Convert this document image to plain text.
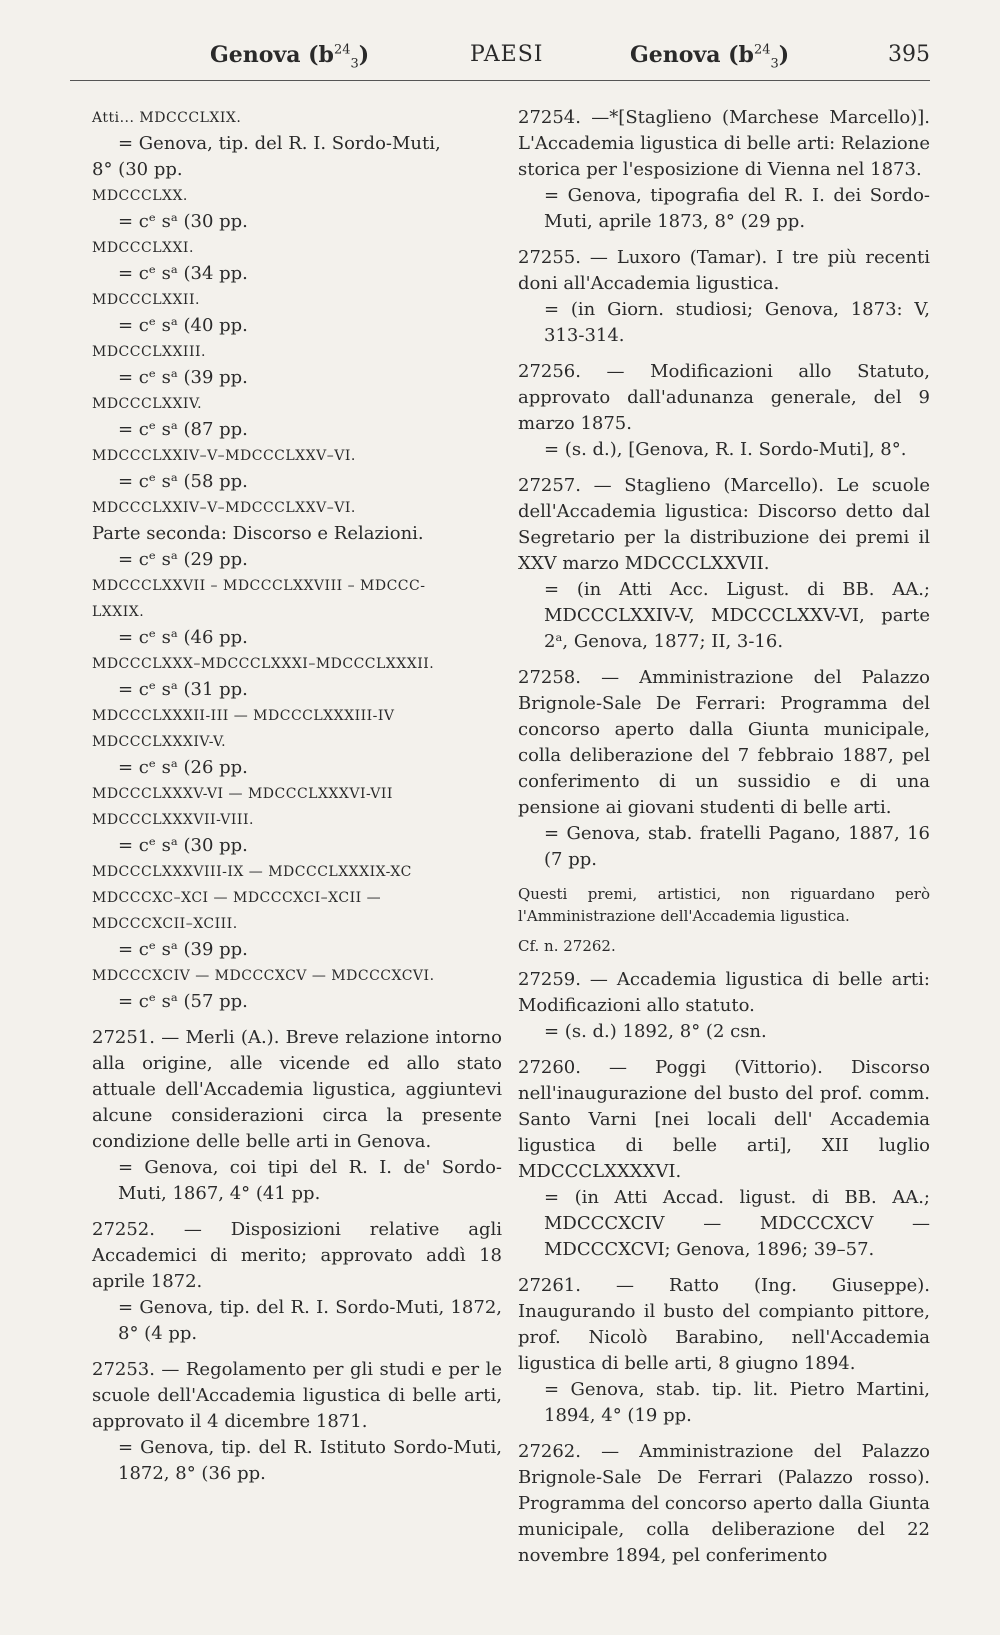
Genova $(b^{24}_3)$	PAESI	Genova $(b^{24}_3)$	395
Atti... MDCCCLXIX.
= Genova, tip. del R. I. Sordo-Muti,
8° (30 pp.
MDCCCLXX.
= cᵉ sᵃ (30 pp.
MDCCCLXXI.
= cᵉ sᵃ (34 pp.
MDCCCLXXII.
= cᵉ sᵃ (40 pp.
MDCCCLXXIII.
= cᵉ sᵃ (39 pp.
MDCCCLXXIV.
= cᵉ sᵃ (87 pp.
MDCCCLXXIV–V–MDCCCLXXV–VI.
= cᵉ sᵃ (58 pp.
MDCCCLXXIV–V–MDCCCLXXV–VI.
Parte seconda: Discorso e Relazioni.
= cᵉ sᵃ (29 pp.
MDCCCLXXVII – MDCCCLXXVIII – MDCCC-
LXXIX.
= cᵉ sᵃ (46 pp.
MDCCCLXXX–MDCCCLXXXI–MDCCCLXXXII.
= cᵉ sᵃ (31 pp.
MDCCCLXXXII-III — MDCCCLXXXIII-IV
MDCCCLXXXIV-V.
= cᵉ sᵃ (26 pp.
MDCCCLXXXV-VI — MDCCCLXXXVI-VII
MDCCCLXXXVII-VIII.
= cᵉ sᵃ (30 pp.
MDCCCLXXXVIII-IX — MDCCCLXXXIX-XC
MDCCCXC–XCI — MDCCCXCI–XCII —
MDCCCXCII–XCIII.
= cᵉ sᵃ (39 pp.
MDCCCXCIV — MDCCCXCV — MDCCCXCVI.
= cᵉ sᵃ (57 pp.

27251. — Merli (A.). Breve relazione intorno alla origine, alle vicende ed allo stato attuale dell'Accademia ligustica, aggiuntevi alcune considerazioni circa la presente condizione delle belle arti in Genova.

= Genova, coi tipi del R. I. de' Sordo-Muti, 1867, 4° (41 pp.

27252. — Disposizioni relative agli Accademici di merito; approvato addì 18 aprile 1872.

= Genova, tip. del R. I. Sordo-Muti, 1872, 8° (4 pp.

27253. — Regolamento per gli studi e per le scuole dell'Accademia ligustica di belle arti, approvato il 4 dicembre 1871.

= Genova, tip. del R. Istituto Sordo-Muti, 1872, 8° (36 pp.

27254. —*[Staglieno (Marchese Marcello)]. L'Accademia ligustica di belle arti: Relazione storica per l'esposizione di Vienna nel 1873.

= Genova, tipografia del R. I. dei Sordo-Muti, aprile 1873, 8° (29 pp.

27255. — Luxoro (Tamar). I tre più recenti doni all'Accademia ligustica.

= (in Giorn. studiosi; Genova, 1873: V, 313-314.

27256. — Modificazioni allo Statuto, approvato dall'adunanza generale, del 9 marzo 1875.

= (s. d.), [Genova, R. I. Sordo-Muti], 8°.

27257. — Staglieno (Marcello). Le scuole dell'Accademia ligustica: Discorso detto dal Segretario per la distribuzione dei premi il XXV marzo MDCCCLXXVII.

= (in Atti Acc. Ligust. di BB. AA.; MDCCCLXXIV-V, MDCCCLXXV-VI, parte 2ᵃ, Genova, 1877; II, 3-16.

27258. — Amministrazione del Palazzo Brignole-Sale De Ferrari: Programma del concorso aperto dalla Giunta municipale, colla deliberazione del 7 febbraio 1887, pel conferimento di un sussidio e di una pensione ai giovani studenti di belle arti.

= Genova, stab. fratelli Pagano, 1887, 16 (7 pp.

Questi premi, artistici, non riguardano però l'Amministrazione dell'Accademia ligustica.

Cf. n. 27262.

27259. — Accademia ligustica di belle arti: Modificazioni allo statuto.

= (s. d.) 1892, 8° (2 csn.

27260. — Poggi (Vittorio). Discorso nell'inaugurazione del busto del prof. comm. Santo Varni [nei locali dell' Accademia ligustica di belle arti], XII luglio MDCCCLXXXXVI.

= (in Atti Accad. ligust. di BB. AA.; MDCCCXCIV — MDCCCXCV — MDCCCXCVI; Genova, 1896; 39–57.

27261. — Ratto (Ing. Giuseppe). Inaugurando il busto del compianto pittore, prof. Nicolò Barabino, nell'Accademia ligustica di belle arti, 8 giugno 1894.

= Genova, stab. tip. lit. Pietro Martini, 1894, 4° (19 pp.

27262. — Amministrazione del Palazzo Brignole-Sale De Ferrari (Palazzo rosso). Programma del concorso aperto dalla Giunta municipale, colla deliberazione del 22 novembre 1894, pel conferimento
